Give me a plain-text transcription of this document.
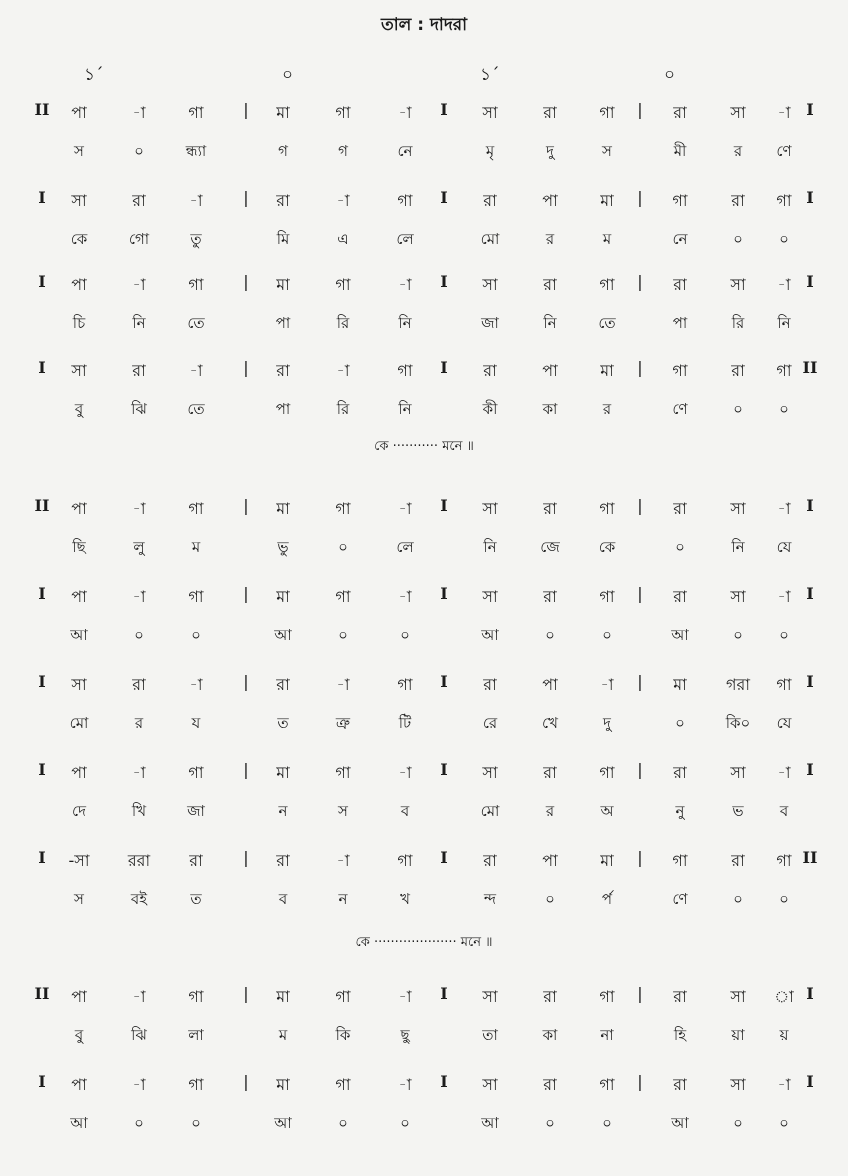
তাল : দাদরা
১´	০	১´	০
II	|	I	|	I
পা	-া	গা	মা	গা	-া	সা	রা	গা	রা	সা	-া
স	০	ন্ধ্যা	গ	গ	নে	মৃ	দু	স	মী	র	ণে
I	|	I	|	I
সা	রা	-া	রা	-া	গা	রা	পা	মা	গা	রা	গা
কে	গো	তু	মি	এ	লে	মো	র	ম	নে	০	০
I	|	I	|	I
পা	-া	গা	মা	গা	-া	সা	রা	গা	রা	সা	-া
চি	নি	তে	পা	রি	নি	জা	নি	তে	পা	রি	নি
I	|	I	|	II
সা	রা	-া	রা	-া	গা	রা	পা	মা	গা	রা	গা
বু	ঝি	তে	পা	রি	নি	কী	কা	র	ণে	০	০
কে ··········· মনে ॥
II	|	I	|	I
পা	-া	গা	মা	গা	-া	সা	রা	গা	রা	সা	-া
ছি	লু	ম	ভু	০	লে	নি	জে	কে	০	নি	যে
I	|	I	|	I
পা	-া	গা	মা	গা	-া	সা	রা	গা	রা	সা	-া
আ	০	০	আ	০	০	আ	০	০	আ	০	০
I	|	I	|	I
সা	রা	-া	রা	-া	গা	রা	পা	-া	মা	গরা	গা
মো	র	য	ত	ত্রু	টি	রে	খে	দু	০	কি০	যে
I	|	I	|	I
পা	-া	গা	মা	গা	-া	সা	রা	গা	রা	সা	-া
দে	খি	জা	ন	স	ব	মো	র	অ	নু	ভ	ব
I	|	I	|	II
-সা	ররা	রা	রা	-া	গা	রা	পা	মা	গা	রা	গা
স	বই	ত	ব	ন	খ	ন্দ	০	র্প	ণে	০	০
কে ···················· মনে ॥
II	|	I	|	I
পা	-া	গা	মা	গা	-া	সা	রা	গা	রা	সা	া
বু	ঝি	লা	ম	কি	ছু	তা	কা	না	হি	য়া	য়
I	|	I	|	I
পা	-া	গা	মা	গা	-া	সা	রা	গা	রা	সা	-া
আ	০	০	আ	০	০	আ	০	০	আ	০	০
